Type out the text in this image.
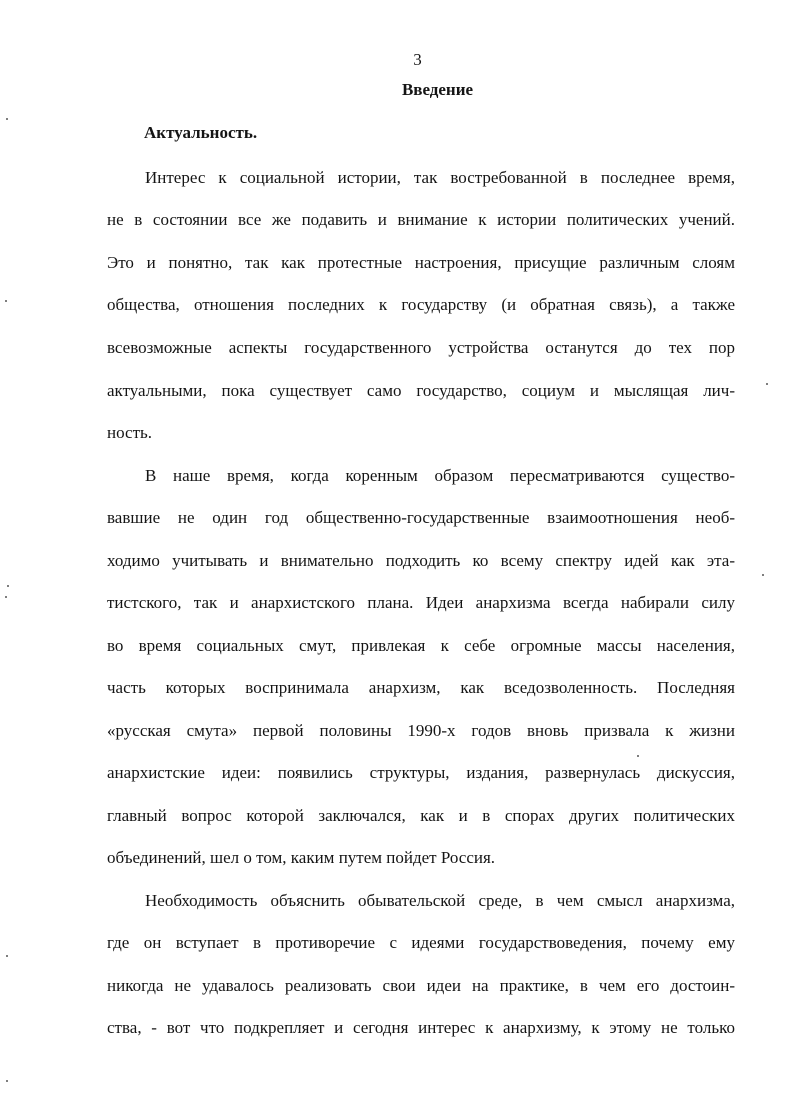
3
Введение
Актуальность.
Интерес к социальной истории, так востребованной в последнее время,
не в состоянии все же подавить и внимание к истории политических учений.
Это и понятно, так как протестные настроения, присущие различным слоям
общества, отношения последних к государству (и обратная связь), а также
всевозможные аспекты государственного устройства останутся до тех пор
актуальными, пока существует само государство, социум и мыслящая лич-
ность.
В наше время, когда коренным образом пересматриваются существо-
вавшие не один год общественно-государственные взаимоотношения необ-
ходимо учитывать и внимательно подходить ко всему спектру идей как эта-
тистского, так и анархистского плана. Идеи анархизма всегда набирали силу
во время социальных смут, привлекая к себе огромные массы населения,
часть которых воспринимала анархизм, как вседозволенность. Последняя
«русская смута» первой половины 1990-х годов вновь призвала к жизни
анархистские идеи: появились структуры, издания, развернулась дискуссия,
главный вопрос которой заключался, как и в спорах других политических
объединений, шел о том, каким путем пойдет Россия.
Необходимость объяснить обывательской среде, в чем смысл анархизма,
где он вступает в противоречие с идеями государствоведения, почему ему
никогда не удавалось реализовать свои идеи на практике, в чем его достоин-
ства, - вот что подкрепляет и сегодня интерес к анархизму, к этому не только
